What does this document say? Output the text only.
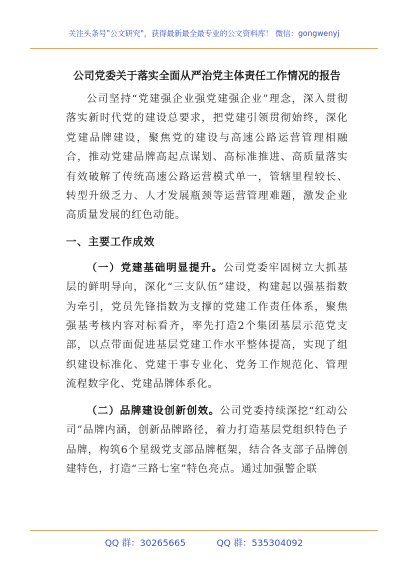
关注头条号"公文研究"，获得最新最全最专业的公文资料库！ 微信：gongwenyj
公司党委关于落实全面从严治党主体责任工作情况的报告

公司坚持“党建强企业强党建强企业”理念，深入贯彻落实新时代党的建设总要求，把党建引领贯彻始终，深化党建品牌建设，聚焦党的建设与高速公路运营管理相融合，推动党建品牌高起点谋划、高标准推进、高质量落实有效破解了传统高速公路运营模式单一，管辖里程较长、转型升级乏力、人才发展瓶颈等运营管理难题，激发企业高质量发展的红色动能。

一、主要工作成效

（一）党建基础明显提升。公司党委牢固树立大抓基层的鲜明导向，深化“三支队伍”建设，构建起以强基指数为牵引，党员先锋指数为支撑的党建工作责任体系，聚焦强基考核内容对标看齐，率先打造2个集团基层示范党支部，以点带面促进基层党建工作水平整体提高，实现了组织建设标准化、党建干事专业化、党务工作规范化、管理流程数字化、党建品牌体系化。

（二）品牌建设创新创效。公司党委持续深挖“红动公司”品牌内涵，创新品牌路径，着力打造基层党组织特色子品牌，构筑6个星级党支部品牌框架，结合各支部子品牌创建特色，打造“三路七室”特色亮点。通过加强警企联

QQ 群：30265665	QQ 群：535304092
